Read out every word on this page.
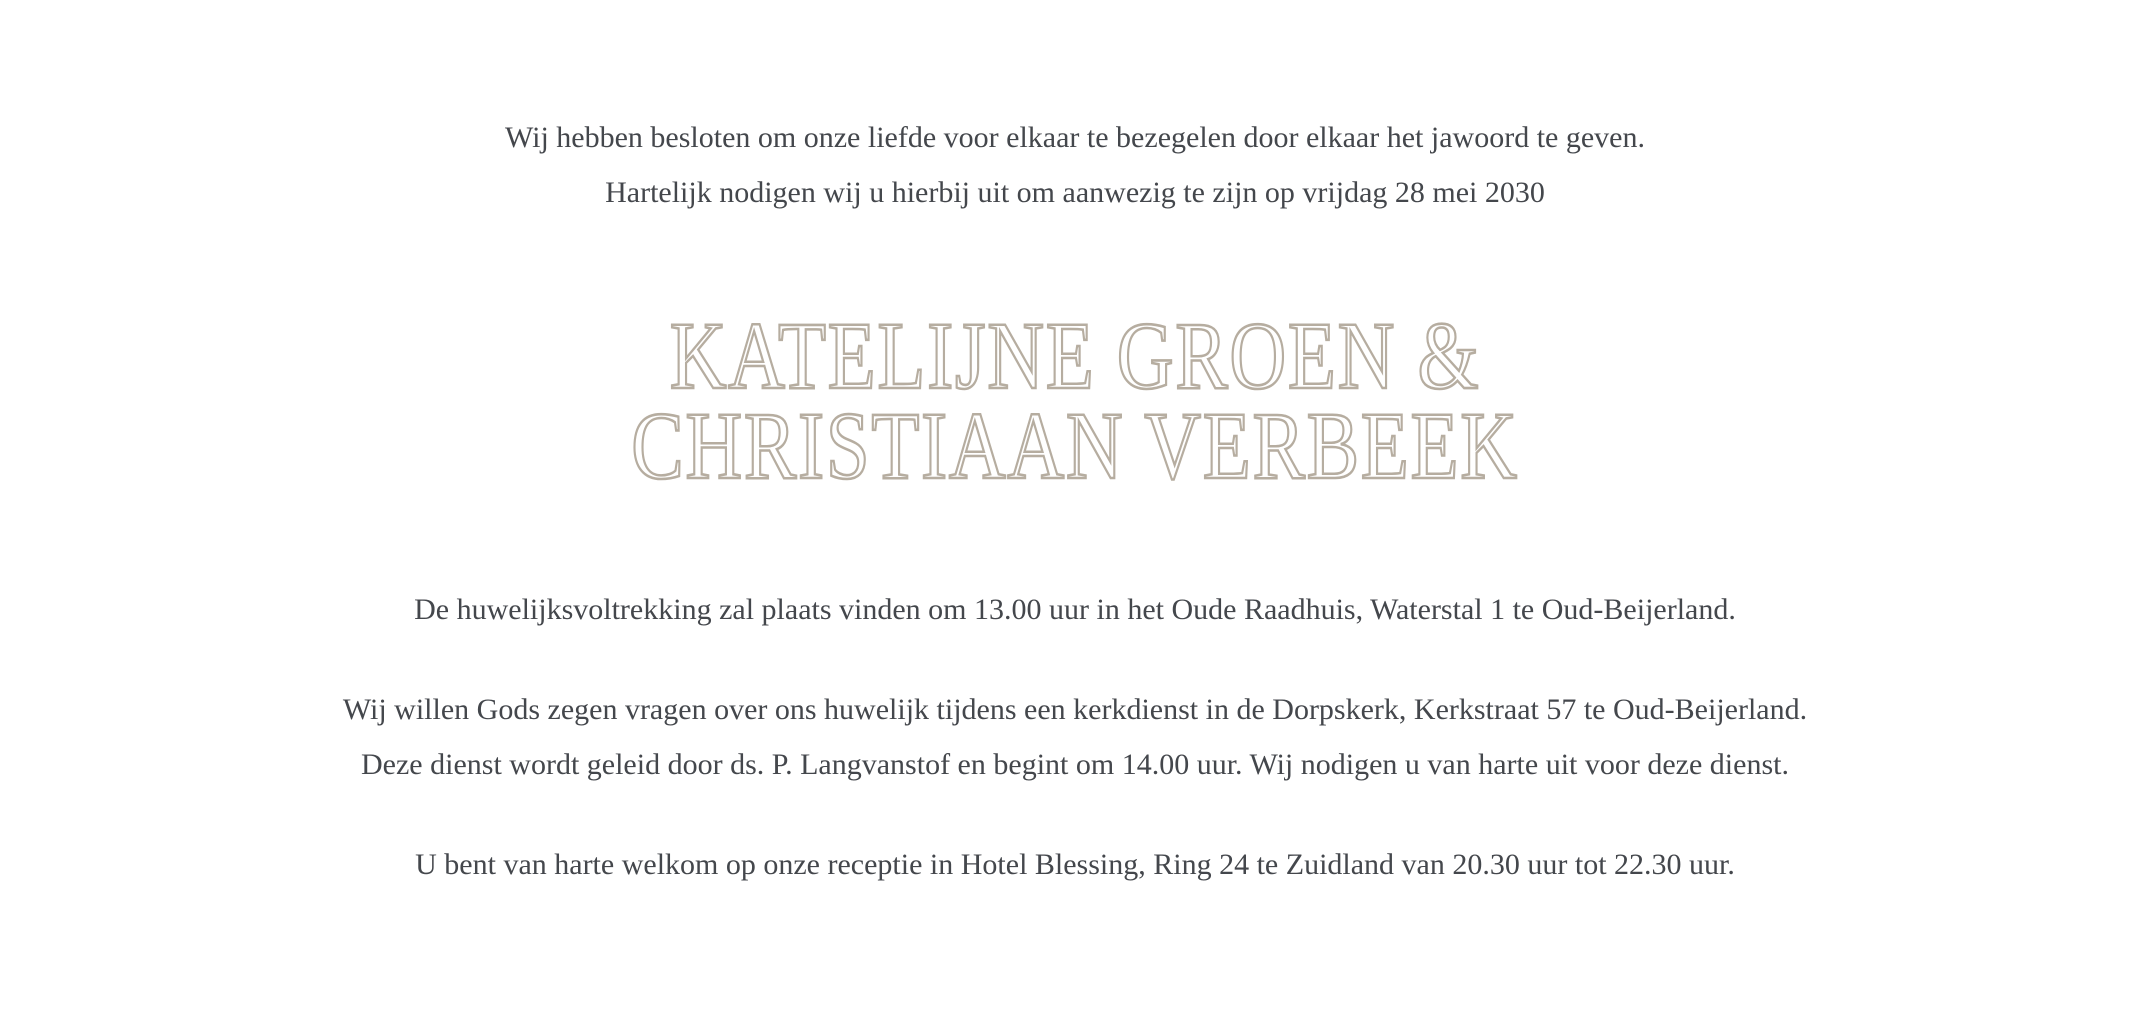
Wij hebben besloten om onze liefde voor elkaar te bezegelen door elkaar het jawoord te geven.
Hartelijk nodigen wij u hierbij uit om aanwezig te zijn op vrijdag 28 mei 2030

KATELIJNE GROEN &
CHRISTIAAN VERBEEK

De huwelijksvoltrekking zal plaats vinden om 13.00 uur in het Oude Raadhuis, Waterstal 1 te Oud-Beijerland.

Wij willen Gods zegen vragen over ons huwelijk tijdens een kerkdienst in de Dorpskerk, Kerkstraat 57 te Oud-Beijerland.
Deze dienst wordt geleid door ds. P. Langvanstof en begint om 14.00 uur. Wij nodigen u van harte uit voor deze dienst.

U bent van harte welkom op onze receptie in Hotel Blessing, Ring 24 te Zuidland van 20.30 uur tot 22.30 uur.
